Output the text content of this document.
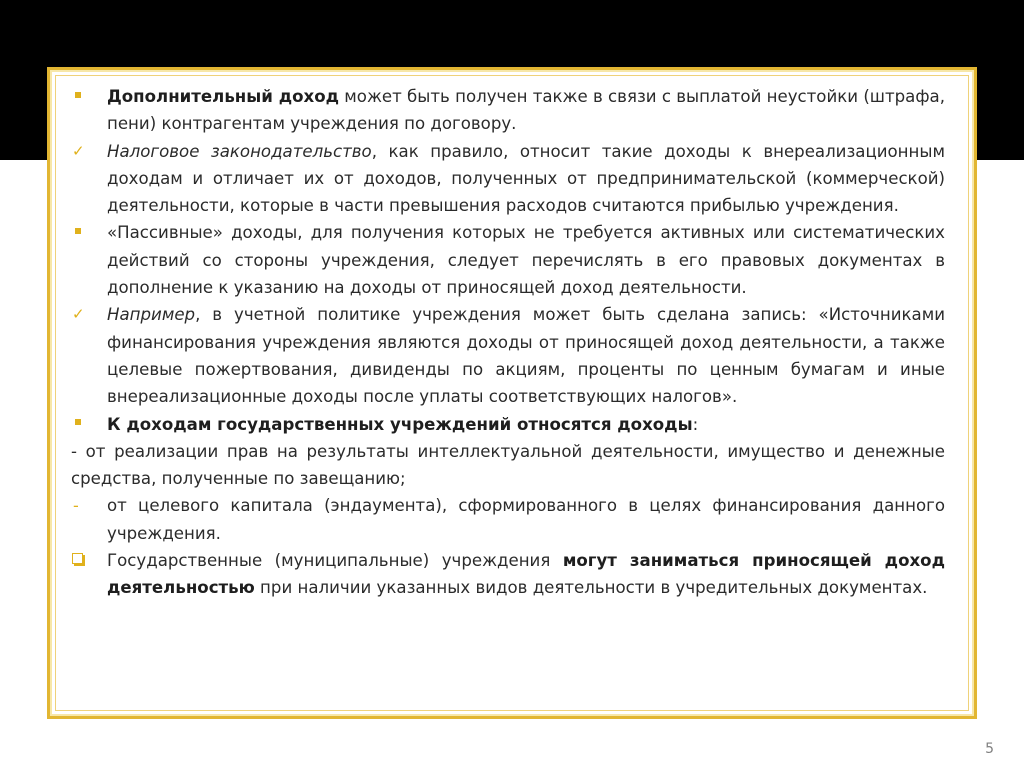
Дополнительный доход может быть получен также в связи с выплатой неустойки (штрафа, пени) контрагентам учреждения по договору.
✓	Налоговое законодательство, как правило, относит такие доходы к внереализационным доходам и отличает их от доходов, полученных от предпринимательской (коммерческой) деятельности, которые в части превышения расходов считаются прибылью учреждения.
«Пассивные» доходы, для получения которых не требуется активных или систематических действий со стороны учреждения, следует перечислять в его правовых документах в дополнение к указанию на доходы от приносящей доход деятельности.
✓	Например, в учетной политике учреждения может быть сделана запись: «Источниками финансирования учреждения являются доходы от приносящей доход деятельности, а также целевые пожертвования, дивиденды по акциям, проценты по ценным бумагам и иные внереализационные доходы после уплаты соответствующих налогов».
К доходам государственных учреждений относятся доходы:
- от реализации прав на результаты интеллектуальной деятельности, имущество и денежные средства, полученные по завещанию;
-	от целевого капитала (эндаумента), сформированного в целях финансирования данного учреждения.
Государственные (муниципальные) учреждения могут заниматься приносящей доход деятельностью при наличии указанных видов деятельности в учредительных документах.
5
